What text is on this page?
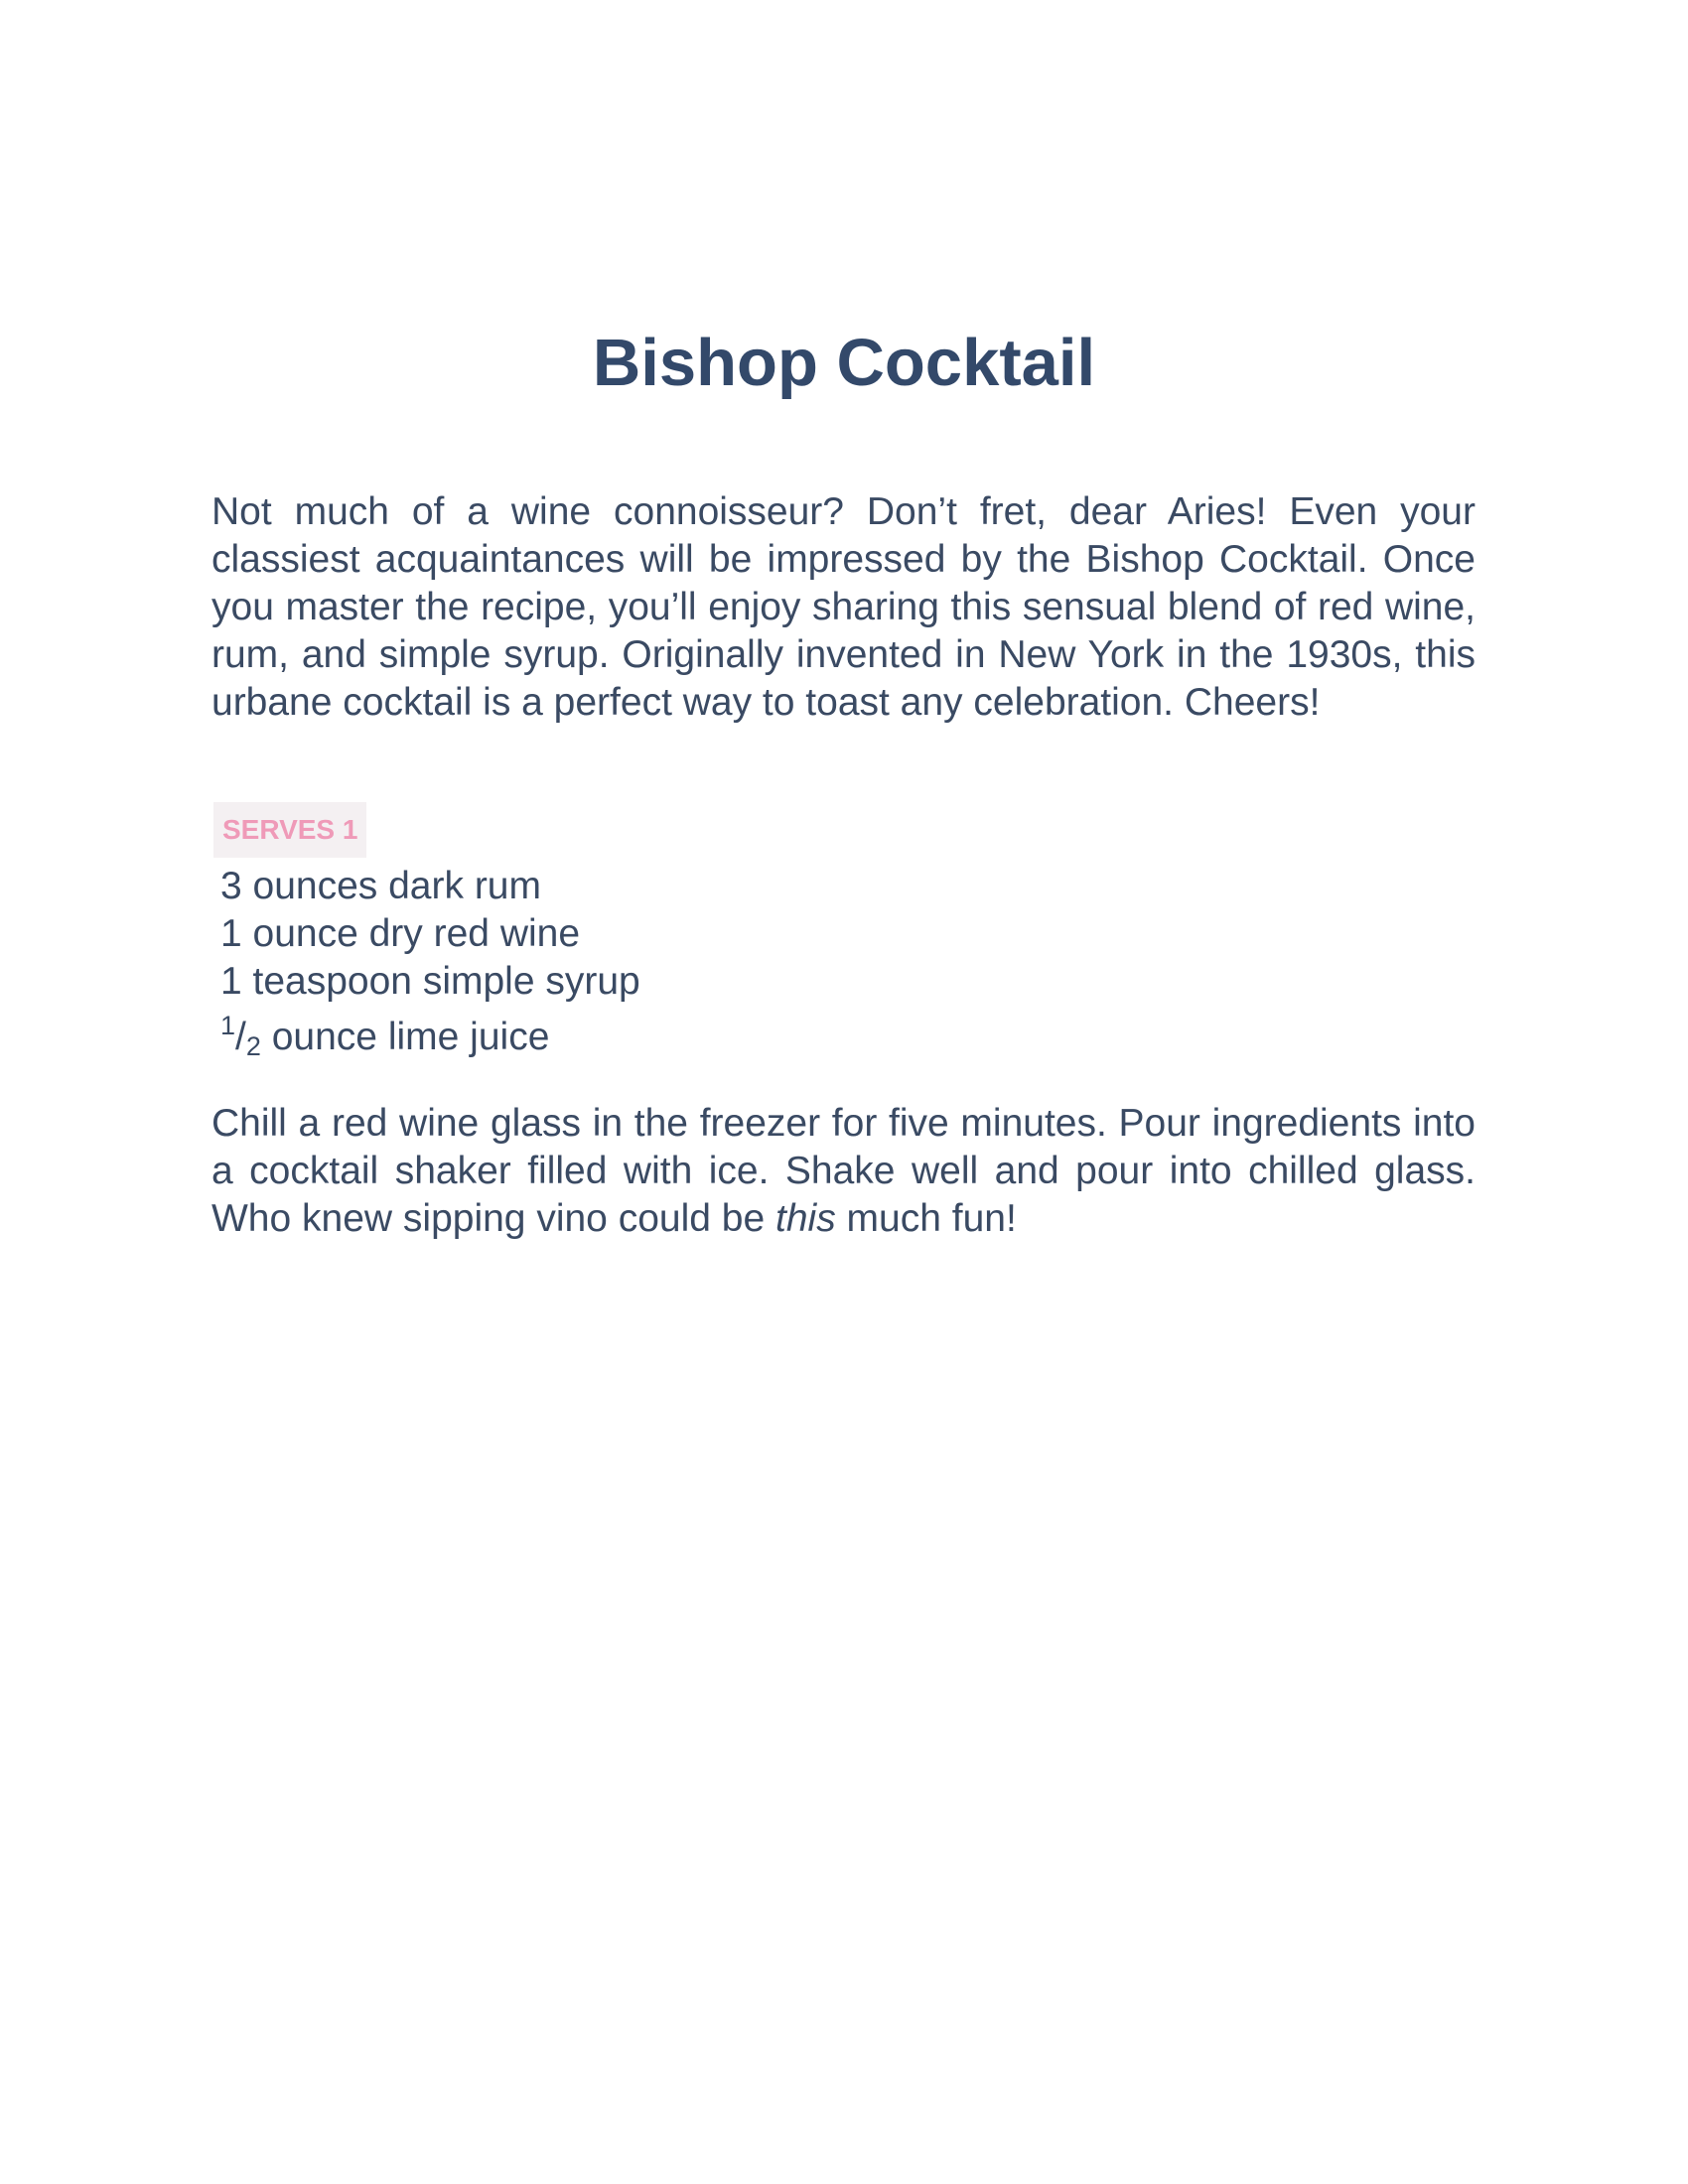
Bishop Cocktail

Not much of a wine connoisseur? Don’t fret, dear Aries! Even your classiest acquaintances will be impressed by the Bishop Cocktail. Once you master the recipe, you’ll enjoy sharing this sensual blend of red wine, rum, and simple syrup. Originally invented in New York in the 1930s, this urbane cocktail is a perfect way to toast any celebration. Cheers!

SERVES 1
3 ounces dark rum
1 ounce dry red wine
1 teaspoon simple syrup
$^1$/2 ounce lime juice

Chill a red wine glass in the freezer for five minutes. Pour ingredients into a cocktail shaker filled with ice. Shake well and pour into chilled glass. Who knew sipping vino could be this much fun!
